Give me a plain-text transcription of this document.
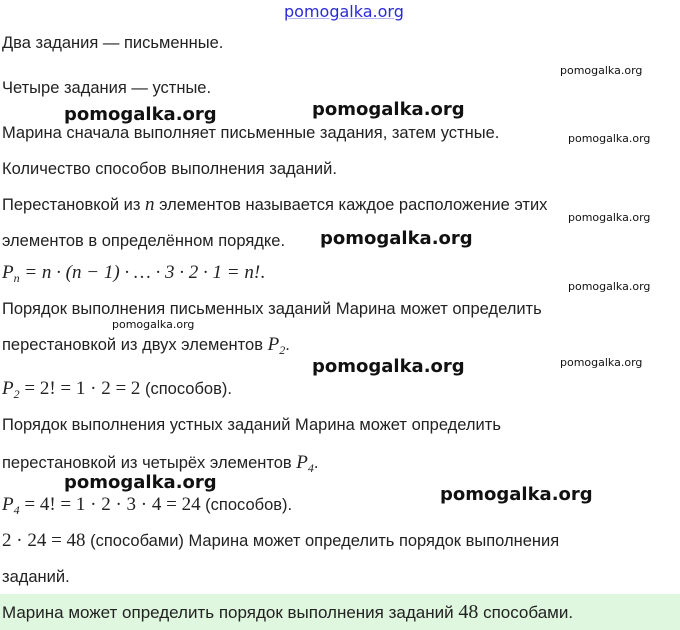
pomogalka.org
Два задания — письменные.
Четыре задания — устные.
Марина сначала выполняет письменные задания, затем устные.
Количество способов выполнения заданий.
Перестановкой из n элементов называется каждое расположение этих
элементов в определённом порядке.
$P_n = n \cdot (n - 1)$ · … · 3 · 2 · 1 = n!.
Порядок выполнения письменных заданий Марина может определить
перестановкой из двух элементов $P_2$.
$P_2 = 2$! = 1 · 2 = 2 (способов).
Порядок выполнения устных заданий Марина может определить
перестановкой из четырёх элементов $P_4$.
$P_4 = 4$! = 1 · 2 · 3 · 4 = 24 (способов).
2 · 24 = 48 (способами) Марина может определить порядок выполнения
заданий.
Марина может определить порядок выполнения заданий 48 способами.
pomogalka.org
pomogalka.org	pomogalka.org
pomogalka.org
pomogalka.org
pomogalka.org
pomogalka.org
pomogalka.org
pomogalka.org
pomogalka.org
pomogalka.org
pomogalka.org
